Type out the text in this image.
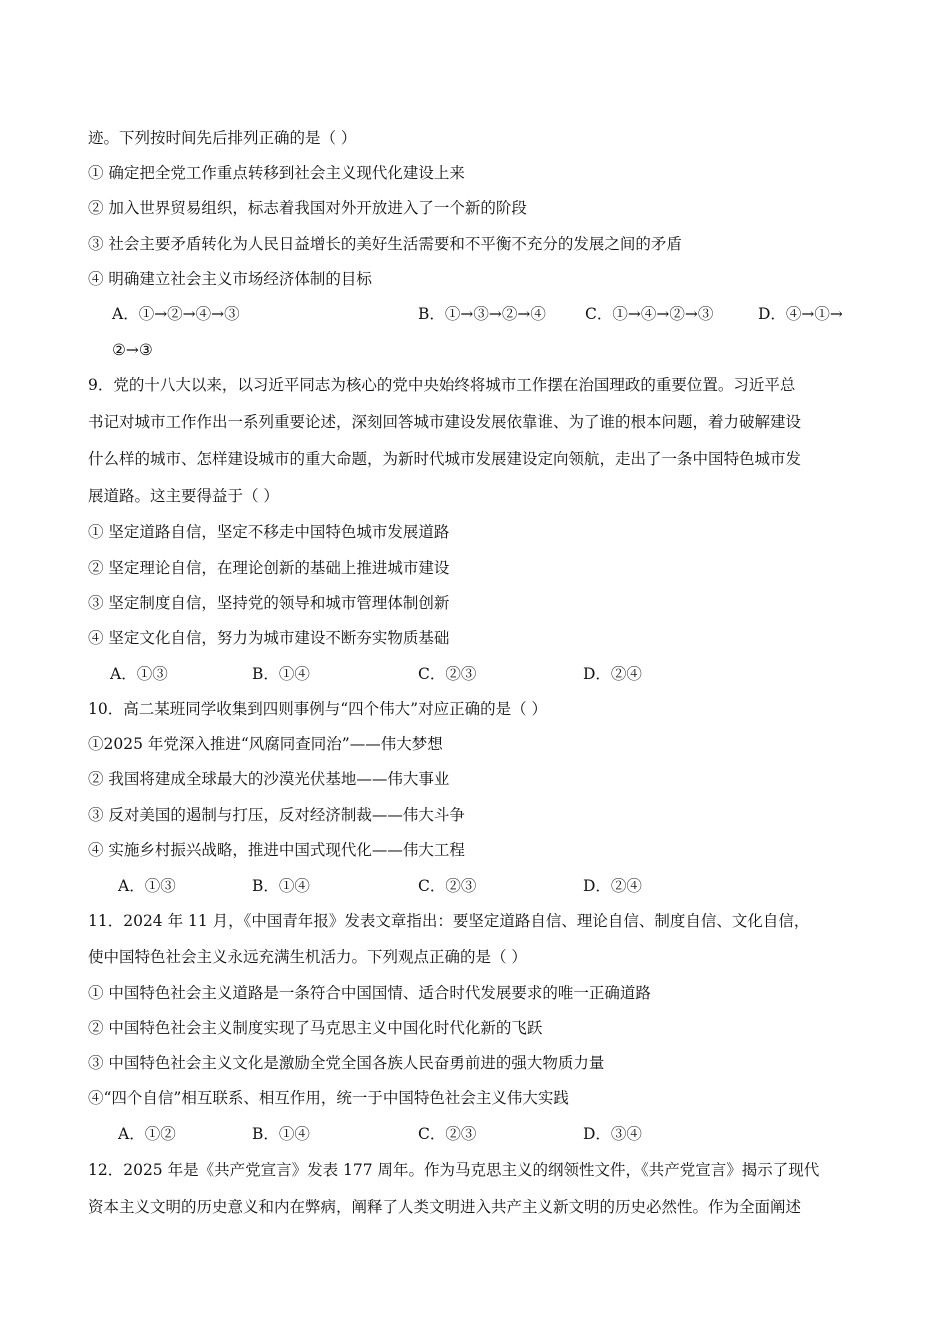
迹。下列按时间先后排列正确的是（ ）
① 确定把全党工作重点转移到社会主义现代化建设上来
② 加入世界贸易组织，标志着我国对外开放进入了一个新的阶段
③ 社会主要矛盾转化为人民日益增长的美好生活需要和不平衡不充分的发展之间的矛盾
④ 明确建立社会主义市场经济体制的目标
A．①→②→④→③	B．①→③→②→④	C．①→④→②→③	D．④→①→
②→③
9．党的十八大以来，以习近平同志为核心的党中央始终将城市工作摆在治国理政的重要位置。习近平总
书记对城市工作作出一系列重要论述，深刻回答城市建设发展依靠谁、为了谁的根本问题，着力破解建设
什么样的城市、怎样建设城市的重大命题，为新时代城市发展建设定向领航，走出了一条中国特色城市发
展道路。这主要得益于（ ）
① 坚定道路自信，坚定不移走中国特色城市发展道路
② 坚定理论自信，在理论创新的基础上推进城市建设
③ 坚定制度自信，坚持党的领导和城市管理体制创新
④ 坚定文化自信，努力为城市建设不断夯实物质基础
A．①③	B．①④	C．②③	D．②④
10．高二某班同学收集到四则事例与“四个伟大”对应正确的是（ ）
①2025 年党深入推进“风腐同查同治”——伟大梦想
② 我国将建成全球最大的沙漠光伏基地——伟大事业
③ 反对美国的遏制与打压，反对经济制裁——伟大斗争
④ 实施乡村振兴战略，推进中国式现代化——伟大工程
A．①③	B．①④	C．②③	D．②④
11．2024 年 11 月，《中国青年报》发表文章指出：要坚定道路自信、理论自信、制度自信、文化自信，
使中国特色社会主义永远充满生机活力。下列观点正确的是（ ）
① 中国特色社会主义道路是一条符合中国国情、适合时代发展要求的唯一正确道路
② 中国特色社会主义制度实现了马克思主义中国化时代化新的飞跃
③ 中国特色社会主义文化是激励全党全国各族人民奋勇前进的强大物质力量
④“四个自信”相互联系、相互作用，统一于中国特色社会主义伟大实践
A．①②	B．①④	C．②③	D．③④
12．2025 年是《共产党宣言》发表 177 周年。作为马克思主义的纲领性文件，《共产党宣言》揭示了现代
资本主义文明的历史意义和内在弊病，阐释了人类文明进入共产主义新文明的历史必然性。作为全面阐述
